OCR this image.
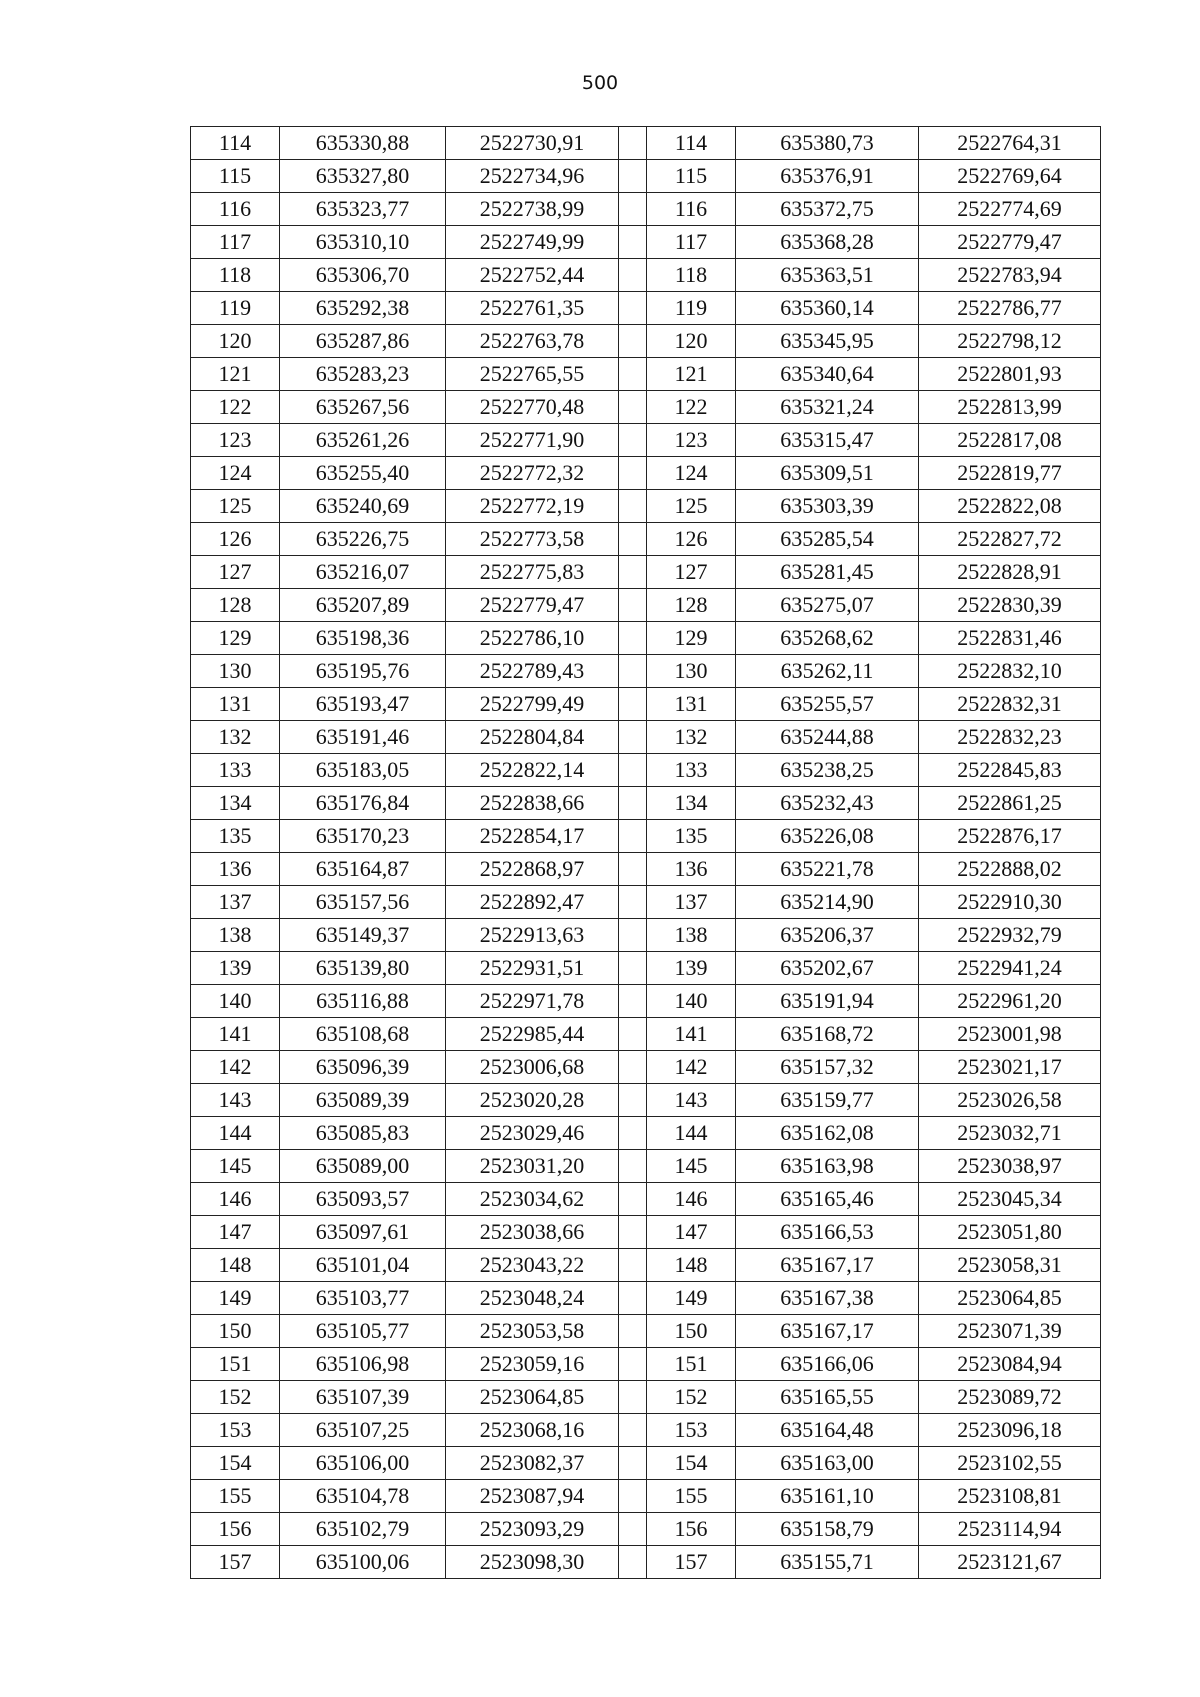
500
114	635330,88	2522730,91		114	635380,73	2522764,31
115	635327,80	2522734,96		115	635376,91	2522769,64
116	635323,77	2522738,99		116	635372,75	2522774,69
117	635310,10	2522749,99		117	635368,28	2522779,47
118	635306,70	2522752,44		118	635363,51	2522783,94
119	635292,38	2522761,35		119	635360,14	2522786,77
120	635287,86	2522763,78		120	635345,95	2522798,12
121	635283,23	2522765,55		121	635340,64	2522801,93
122	635267,56	2522770,48		122	635321,24	2522813,99
123	635261,26	2522771,90		123	635315,47	2522817,08
124	635255,40	2522772,32		124	635309,51	2522819,77
125	635240,69	2522772,19		125	635303,39	2522822,08
126	635226,75	2522773,58		126	635285,54	2522827,72
127	635216,07	2522775,83		127	635281,45	2522828,91
128	635207,89	2522779,47		128	635275,07	2522830,39
129	635198,36	2522786,10		129	635268,62	2522831,46
130	635195,76	2522789,43		130	635262,11	2522832,10
131	635193,47	2522799,49		131	635255,57	2522832,31
132	635191,46	2522804,84		132	635244,88	2522832,23
133	635183,05	2522822,14		133	635238,25	2522845,83
134	635176,84	2522838,66		134	635232,43	2522861,25
135	635170,23	2522854,17		135	635226,08	2522876,17
136	635164,87	2522868,97		136	635221,78	2522888,02
137	635157,56	2522892,47		137	635214,90	2522910,30
138	635149,37	2522913,63		138	635206,37	2522932,79
139	635139,80	2522931,51		139	635202,67	2522941,24
140	635116,88	2522971,78		140	635191,94	2522961,20
141	635108,68	2522985,44		141	635168,72	2523001,98
142	635096,39	2523006,68		142	635157,32	2523021,17
143	635089,39	2523020,28		143	635159,77	2523026,58
144	635085,83	2523029,46		144	635162,08	2523032,71
145	635089,00	2523031,20		145	635163,98	2523038,97
146	635093,57	2523034,62		146	635165,46	2523045,34
147	635097,61	2523038,66		147	635166,53	2523051,80
148	635101,04	2523043,22		148	635167,17	2523058,31
149	635103,77	2523048,24		149	635167,38	2523064,85
150	635105,77	2523053,58		150	635167,17	2523071,39
151	635106,98	2523059,16		151	635166,06	2523084,94
152	635107,39	2523064,85		152	635165,55	2523089,72
153	635107,25	2523068,16		153	635164,48	2523096,18
154	635106,00	2523082,37		154	635163,00	2523102,55
155	635104,78	2523087,94		155	635161,10	2523108,81
156	635102,79	2523093,29		156	635158,79	2523114,94
157	635100,06	2523098,30		157	635155,71	2523121,67
